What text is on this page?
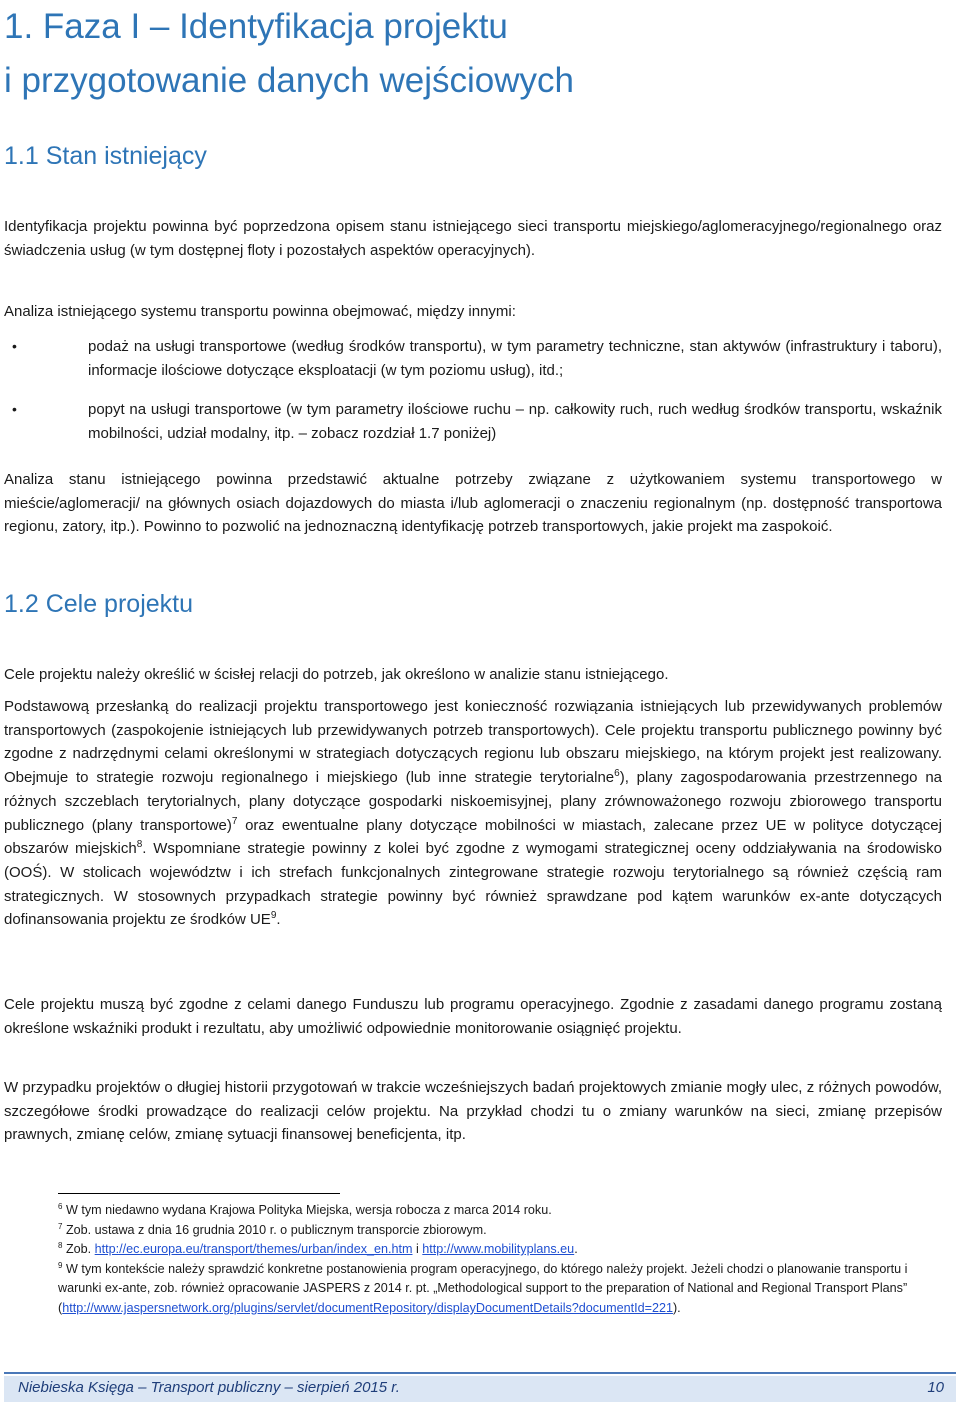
1. Faza I – Identyfikacja projektu
i przygotowanie danych wejściowych
1.1 Stan istniejący

Identyfikacja projektu powinna być poprzedzona opisem stanu istniejącego sieci transportu miejskiego/aglomeracyjnego/regionalnego oraz świadczenia usług (w tym dostępnej floty i pozostałych aspektów operacyjnych).

Analiza istniejącego systemu transportu powinna obejmować, między innymi:

•	podaż na usługi transportowe (według środków transportu), w tym parametry techniczne, stan aktywów (infrastruktury i taboru), informacje ilościowe dotyczące eksploatacji (w tym poziomu usług), itd.;
•	popyt na usługi transportowe (w tym parametry ilościowe ruchu – np. całkowity ruch, ruch według środków transportu, wskaźnik mobilności, udział modalny, itp. – zobacz rozdział 1.7 poniżej)

Analiza stanu istniejącego powinna przedstawić aktualne potrzeby związane z użytkowaniem systemu transportowego w mieście/aglomeracji/ na głównych osiach dojazdowych do miasta i/lub aglomeracji o znaczeniu regionalnym (np. dostępność transportowa regionu, zatory, itp.). Powinno to pozwolić na jednoznaczną identyfikację potrzeb transportowych, jakie projekt ma zaspokoić.

1.2 Cele projektu

Cele projektu należy określić w ścisłej relacji do potrzeb, jak określono w analizie stanu istniejącego.

Podstawową przesłanką do realizacji projektu transportowego jest konieczność rozwiązania istniejących lub przewidywanych problemów transportowych (zaspokojenie istniejących lub przewidywanych potrzeb transportowych). Cele projektu transportu publicznego powinny być zgodne z nadrzędnymi celami określonymi w strategiach dotyczących regionu lub obszaru miejskiego, na którym projekt jest realizowany. Obejmuje to strategie rozwoju regionalnego i miejskiego (lub inne strategie terytorialne$^6$), plany zagospodarowania przestrzennego na różnych szczeblach terytorialnych, plany dotyczące gospodarki niskoemisyjnej, plany zrównoważonego rozwoju zbiorowego transportu publicznego (plany transportowe)$^7$ oraz ewentualne plany dotyczące mobilności w miastach, zalecane przez UE w polityce dotyczącej obszarów miejskich$^8$. Wspomniane strategie powinny z kolei być zgodne z wymogami strategicznej oceny oddziaływania na środowisko (OOŚ). W stolicach województw i ich strefach funkcjonalnych zintegrowane strategie rozwoju terytorialnego są również częścią ram strategicznych. W stosownych przypadkach strategie powinny być również sprawdzane pod kątem warunków ex-ante dotyczących dofinansowania projektu ze środków $UE^9$.

Cele projektu muszą być zgodne z celami danego Funduszu lub programu operacyjnego. Zgodnie z zasadami danego programu zostaną określone wskaźniki produkt i rezultatu, aby umożliwić odpowiednie monitorowanie osiągnięć projektu.

W przypadku projektów o długiej historii przygotowań w trakcie wcześniejszych badań projektowych zmianie mogły ulec, z różnych powodów, szczegółowe środki prowadzące do realizacji celów projektu. Na przykład chodzi tu o zmiany warunków na sieci, zmianę przepisów prawnych, zmianę celów, zmianę sytuacji finansowej beneficjenta, itp.

$^6$ W tym niedawno wydana Krajowa Polityka Miejska, wersja robocza z marca 2014 roku.
$^7$ Zob. ustawa z dnia 16 grudnia 2010 r. o publicznym transporcie zbiorowym.
$^8$ Zob. http://ec.europa.eu/transport/themes/urban/index_en.htm i http://www.mobilityplans.eu.
$^9$ W tym kontekście należy sprawdzić konkretne postanowienia program operacyjnego, do którego należy projekt. Jeżeli chodzi o planowanie transportu i warunki ex-ante, zob. również opracowanie JASPERS z 2014 r. pt. „Methodological support to the preparation of National and Regional Transport Plans”
(http://www.jaspersnetwork.org/plugins/servlet/documentRepository/displayDocumentDetails?documentId=221).
Niebieska Księga – Transport publiczny – sierpień 2015 r.	10
